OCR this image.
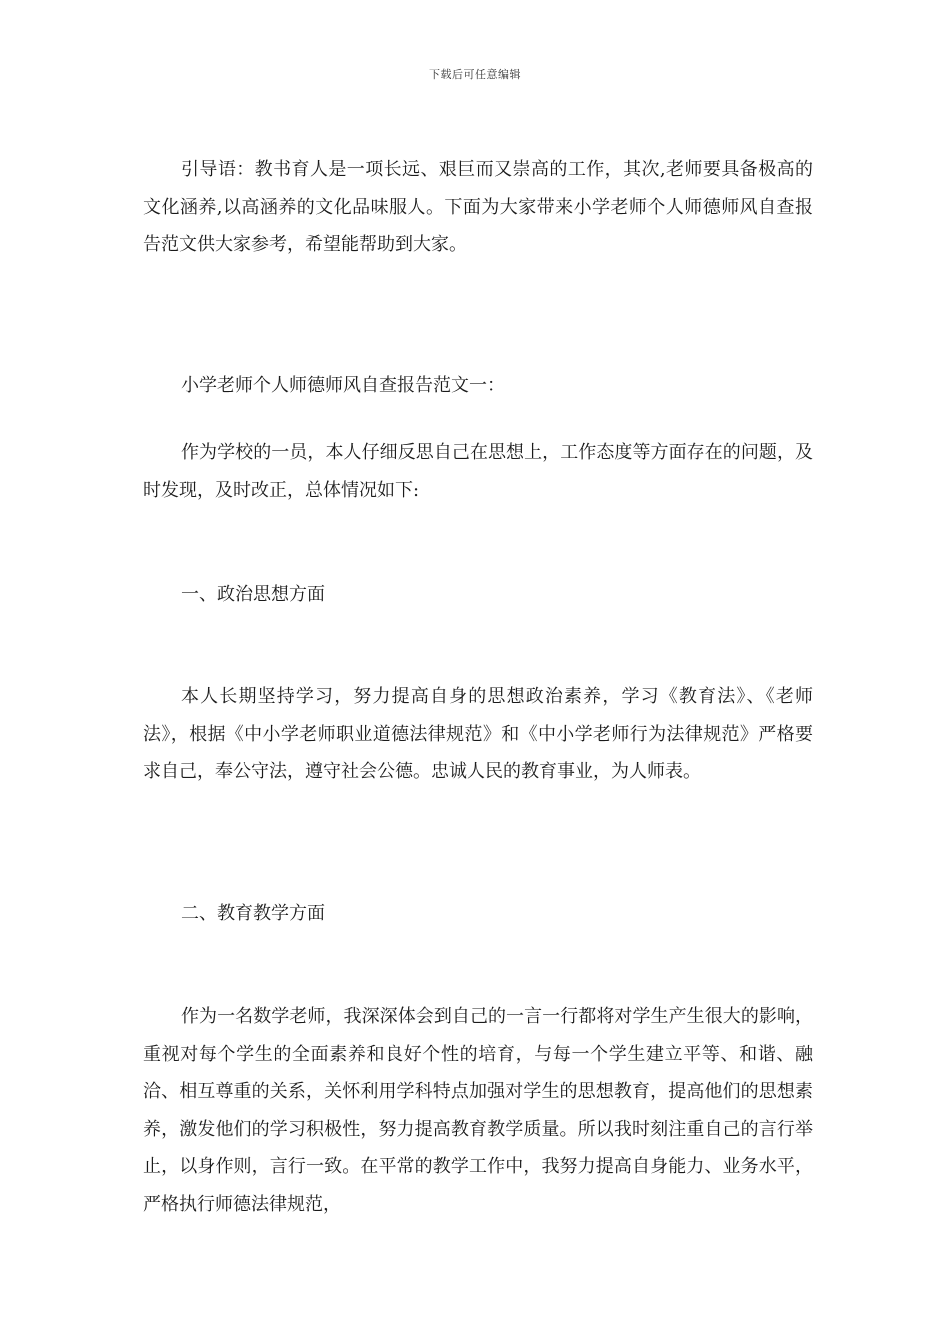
下载后可任意编辑

引导语：教书育人是一项长远、艰巨而又崇高的工作，其次,老师要具备极高的文化涵养,以高涵养的文化品味服人。下面为大家带来小学老师个人师德师风自查报告范文供大家参考，希望能帮助到大家。

小学老师个人师德师风自查报告范文一：

作为学校的一员，本人仔细反思自己在思想上，工作态度等方面存在的问题，及时发现，及时改正，总体情况如下:

一、政治思想方面

本人长期坚持学习，努力提高自身的思想政治素养，学习《教育法》、《老师法》，根据《中小学老师职业道德法律规范》和《中小学老师行为法律规范》严格要求自己，奉公守法，遵守社会公德。忠诚人民的教育事业，为人师表。

二、教育教学方面

作为一名数学老师，我深深体会到自己的一言一行都将对学生产生很大的影响，重视对每个学生的全面素养和良好个性的培育，与每一个学生建立平等、和谐、融洽、相互尊重的关系，关怀利用学科特点加强对学生的思想教育，提高他们的思想素养，激发他们的学习积极性，努力提高教育教学质量。所以我时刻注重自己的言行举止，以身作则，言行一致。在平常的教学工作中，我努力提高自身能力、业务水平，严格执行师德法律规范，
